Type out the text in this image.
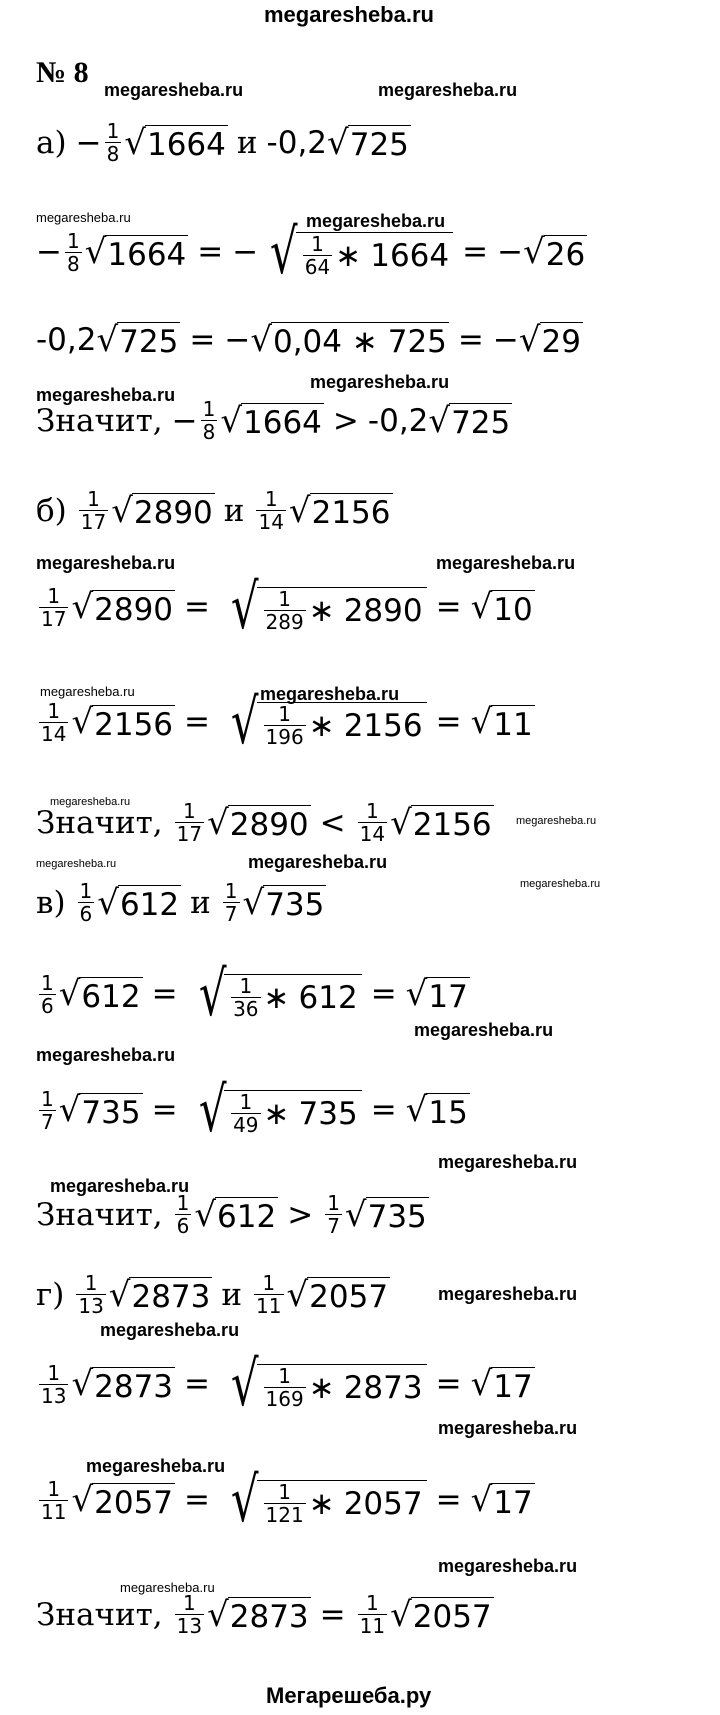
megaresheba.ru
Мегарешеба.ру
№ 8
megaresheba.ru	megaresheba.ru
megaresheba.ru	megaresheba.ru
megaresheba.ru
megaresheba.ru
megaresheba.ru	megaresheba.ru
megaresheba.ru	megaresheba.ru
megaresheba.ru
megaresheba.ru
megaresheba.ru	megaresheba.ru
megaresheba.ru
megaresheba.ru
megaresheba.ru
megaresheba.ru
megaresheba.ru
megaresheba.ru
megaresheba.ru
megaresheba.ru
megaresheba.ru
megaresheba.ru
megaresheba.ru
$а) - \frac{1}{8}$ √ 1664 и -0,2 √ 725
− $\frac{1}{8}$ √ 1664 = − √ $\frac{1}{64}$ ∗ 1664 = − √ 26
-0,2 √ 725 = − √ 0,04 ∗ 725 = − √ 29
Значит, − $\frac{1}{8}$ √ 1664 > -0,2 √ 725
$б) \frac{1}{17}$ √ 2890 и $\frac{1}{14}$ √ 2156
$\frac{1}{17}$ √ 2890 = √ $\frac{1}{289}$ ∗ 2890 = √ 10
$\frac{1}{14}$ √ 2156 = √ $\frac{1}{196}$ ∗ 2156 = √ 11
Значит, $\frac{1}{17}$ √ $2890 < \frac{1}{14}$ √ 2156
$в) \frac{1}{6}$ √ 612 и $\frac{1}{7}$ √ 735
$\frac{1}{6}$ √ 612 = √ $\frac{1}{36}$ ∗ 612 = √ 17
$\frac{1}{7}$ √ 735 = √ $\frac{1}{49}$ ∗ 735 = √ 15
Значит, $\frac{1}{6}$ √ $612 > \frac{1}{7}$ √ 735
$г) \frac{1}{13}$ √ 2873 и $\frac{1}{11}$ √ 2057
$\frac{1}{13}$ √ 2873 = √ $\frac{1}{169}$ ∗ 2873 = √ 17
$\frac{1}{11}$ √ 2057 = √ $\frac{1}{121}$ ∗ 2057 = √ 17
Значит, $\frac{1}{13}$ √ $2873 = \frac{1}{11}$ √ 2057
